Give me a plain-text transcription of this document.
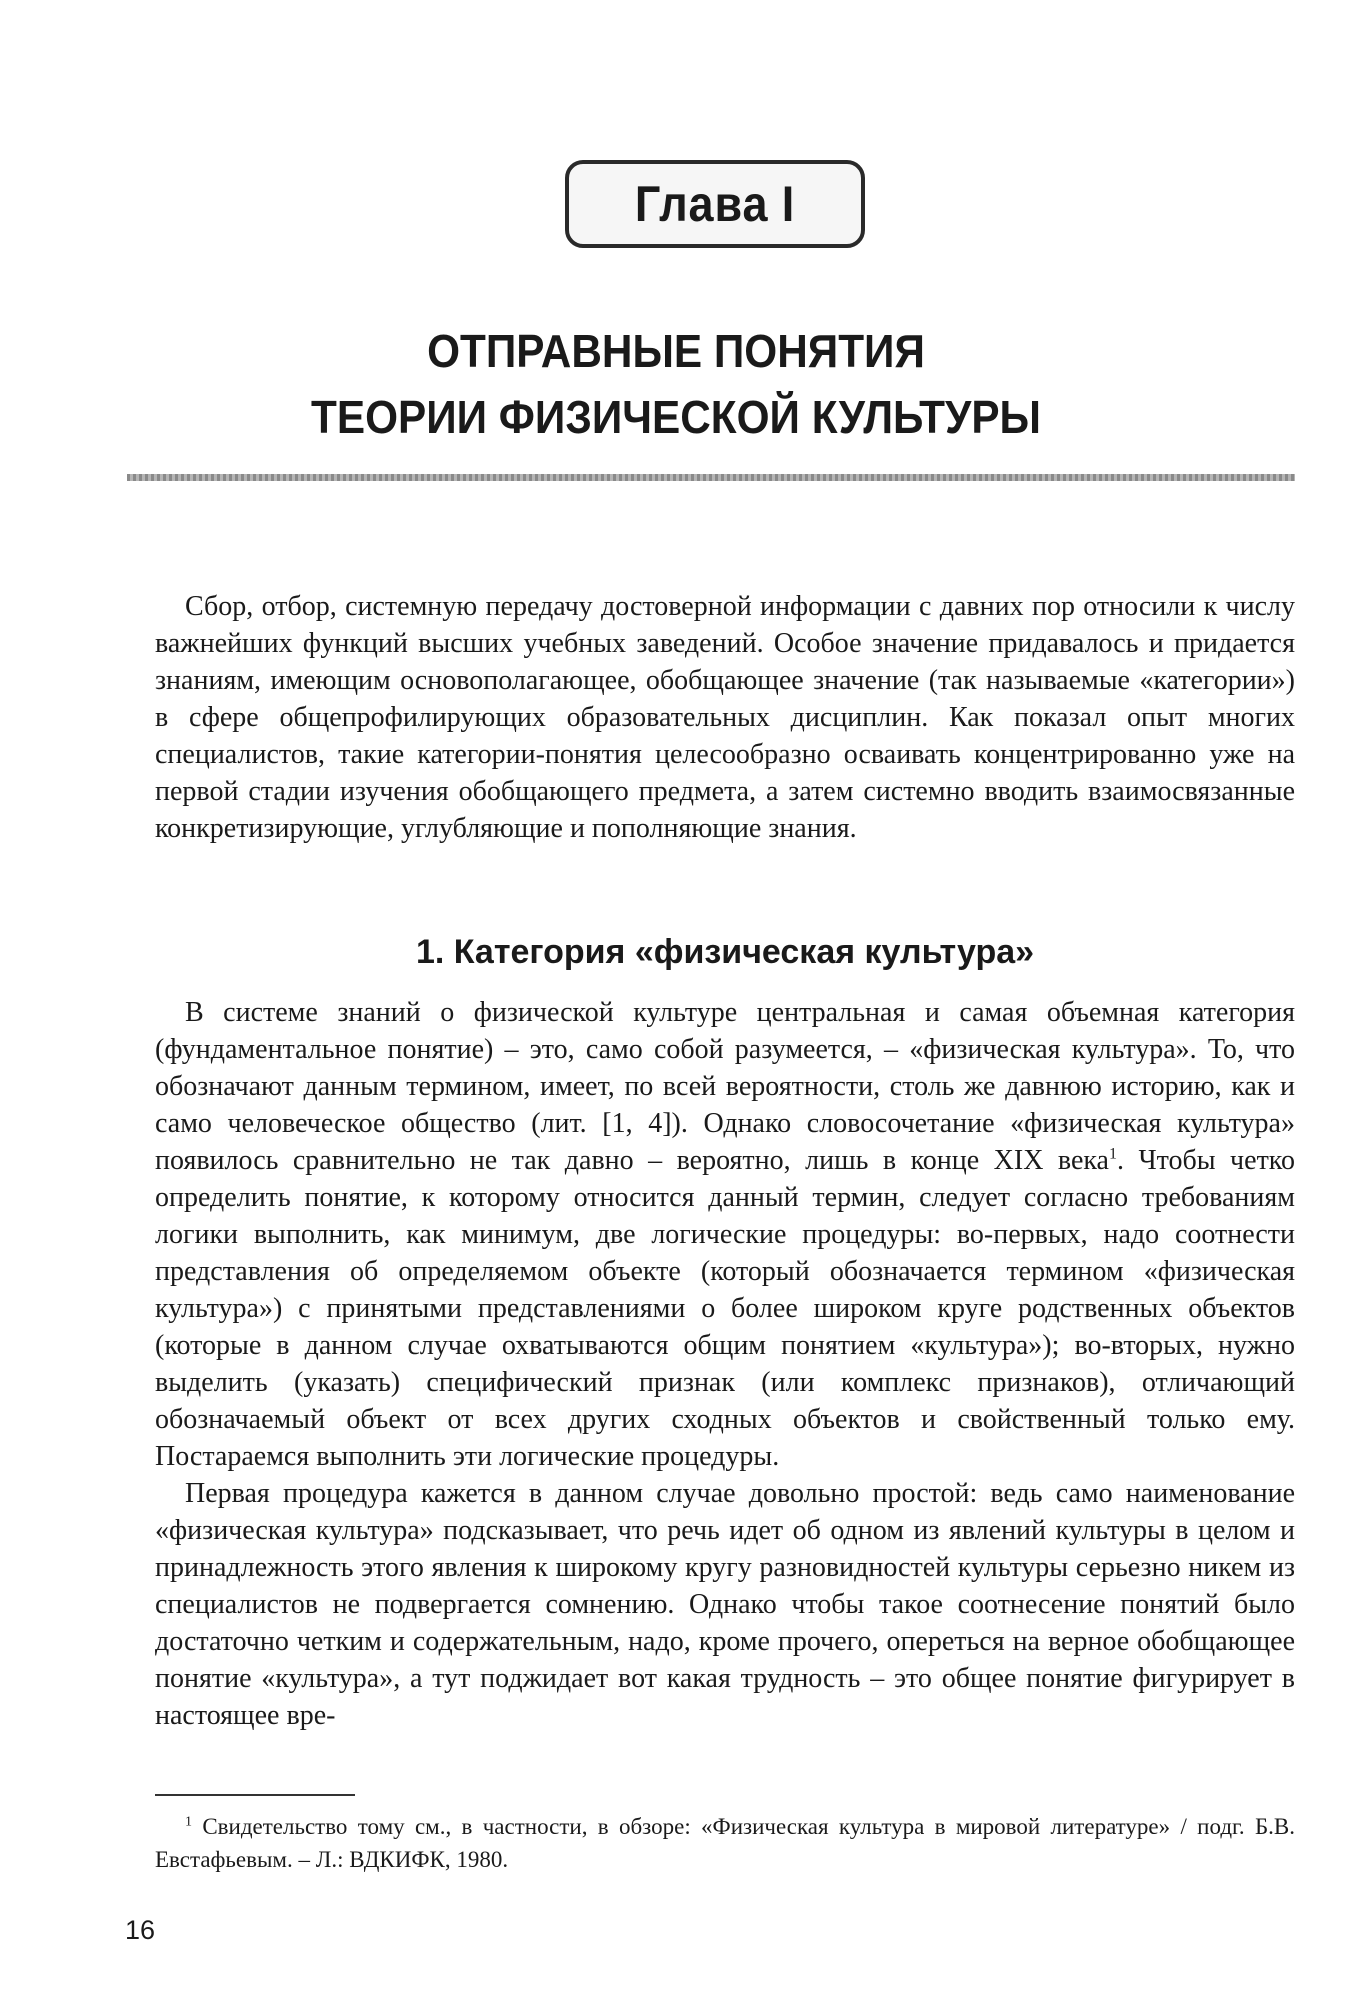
Глава I
ОТПРАВНЫЕ ПОНЯТИЯ
ТЕОРИИ ФИЗИЧЕСКОЙ КУЛЬТУРЫ

Сбор, отбор, системную передачу достоверной информации с давних пор относили к числу важнейших функций высших учебных заведений. Особое значение придавалось и придается знаниям, имеющим основополагающее, обобщающее значение (так называемые «категории») в сфере общепрофилирующих образовательных дисциплин. Как показал опыт многих специалистов, такие категории-понятия целесообразно осваивать концентрированно уже на первой стадии изучения обобщающего предмета, а затем системно вводить взаимосвязанные конкретизирующие, углубляющие и пополняющие знания.

1. Категория «физическая культура»

В системе знаний о физической культуре центральная и самая объемная категория (фундаментальное понятие) – это, само собой разумеется, – «физическая культура». То, что обозначают данным термином, имеет, по всей вероятности, столь же давнюю историю, как и само человеческое общество (лит. [1, 4]). Однако словосочетание «физическая культура» появилось сравнительно не так давно – вероятно, лишь в конце XIX века$^1$. Чтобы четко определить понятие, к которому относится данный термин, следует согласно требованиям логики выполнить, как минимум, две логические процедуры: во-первых, надо соотнести представления об определяемом объекте (который обозначается термином «физическая культура») с принятыми представлениями о более широком круге родственных объектов (которые в данном случае охватываются общим понятием «культура»); во-вторых, нужно выделить (указать) специфический признак (или комплекс признаков), отличающий обозначаемый объект от всех других сходных объектов и свойственный только ему. Постараемся выполнить эти логические процедуры.

Первая процедура кажется в данном случае довольно простой: ведь само наименование «физическая культура» подсказывает, что речь идет об одном из явлений культуры в целом и принадлежность этого явления к широкому кругу разновидностей культуры серьезно никем из специалистов не подвергается сомнению. Однако чтобы такое соотнесение понятий было достаточно четким и содержательным, надо, кроме прочего, опереться на верное обобщающее понятие «культура», а тут поджидает вот какая трудность – это общее понятие фигурирует в настоящее вре-

$^1$ Свидетельство тому см., в частности, в обзоре: «Физическая культура в мировой литературе» / подг. Б.В. Евстафьевым. – Л.: ВДКИФК, 1980.

16
